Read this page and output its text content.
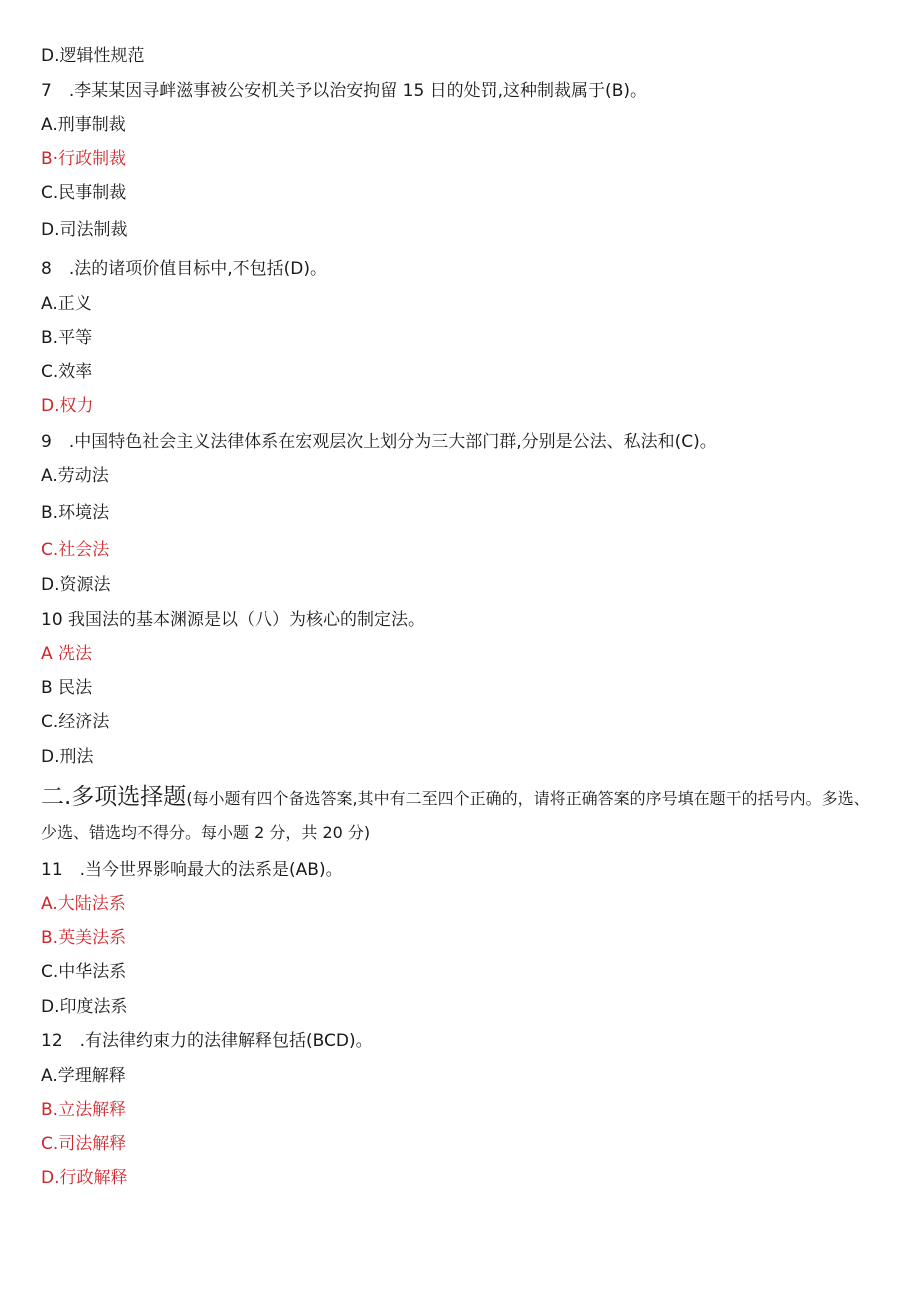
D.逻辑性规范
7　.李某某因寻衅滋事被公安机关予以治安拘留 15 日的处罚,这种制裁属于(B)。
A.刑事制裁
B·行政制裁
C.民事制裁
D.司法制裁
8　.法的诸项价值目标中,不包括(D)。
A.正义
B.平等
C.效率
D.权力
9　.中国特色社会主义法律体系在宏观层次上划分为三大部门群,分别是公法、私法和(C)。
A.劳动法
B.环境法
C.社会法
D.资源法
10 我国法的基本渊源是以（八）为核心的制定法。
A 冼法
B 民法
C.经济法
D.刑法
二.多项选择题(每小题有四个备选答案,其中有二至四个正确的，请将正确答案的序号填在题干的括号内。多选、少选、错选均不得分。每小题 2 分，共 20 分)
11　.当今世界影响最大的法系是(AB)。
A.大陆法系
B.英美法系
C.中华法系
D.印度法系
12　.有法律约束力的法律解释包括(BCD)。
A.学理解释
B.立法解释
C.司法解释
D.行政解释
